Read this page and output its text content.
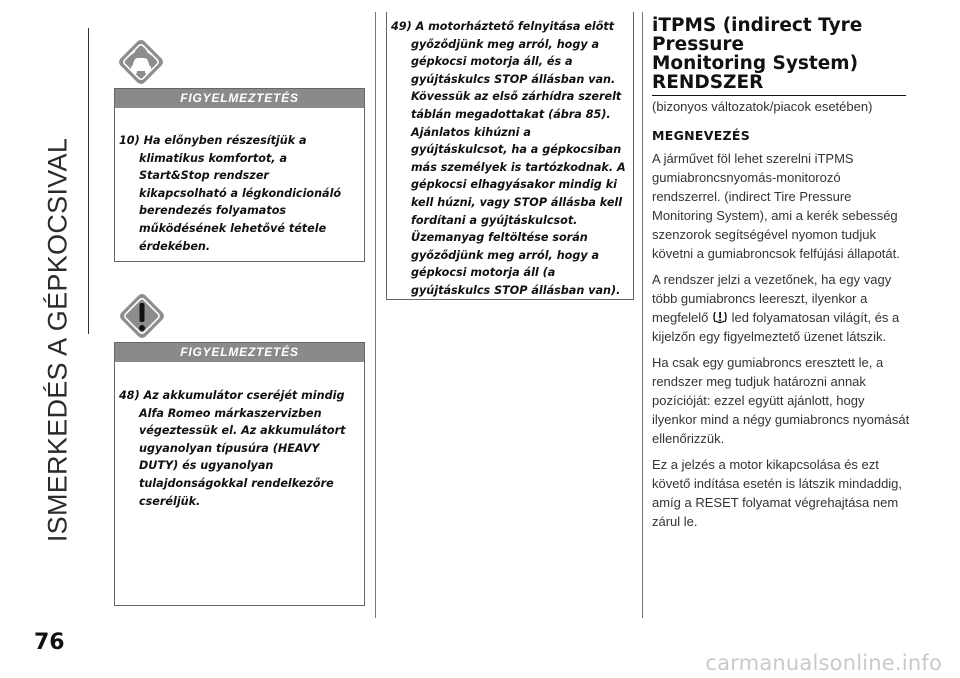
ISMERKEDÉS A GÉPKOCSIVAL
FIGYELMEZTETÉS

10) Ha előnyben részesítjük a klimatikus komfortot, a Start&Stop rendszer kikapcsolható a légkondicionáló berendezés folyamatos működésének lehetővé tétele érdekében.

FIGYELMEZTETÉS

48) Az akkumulátor cseréjét mindig Alfa Romeo márkaszervizben végeztessük el. Az akkumulátort ugyanolyan típusúra (HEAVY DUTY) és ugyanolyan tulajdonságokkal rendelkezőre cseréljük.

49) A motorháztető felnyitása előtt győződjünk meg arról, hogy a gépkocsi motorja áll, és a gyújtáskulcs STOP állásban van. Kövessük az első zárhídra szerelt táblán megadottakat (ábra 85). Ajánlatos kihúzni a gyújtáskulcsot, ha a gépkocsiban más személyek is tartózkodnak. A gépkocsi elhagyásakor mindig ki kell húzni, vagy STOP állásba kell fordítani a gyújtáskulcsot. Üzemanyag feltöltése során győződjünk meg arról, hogy a gépkocsi motorja áll (a gyújtáskulcs STOP állásban van).

iTPMS (indirect Tyre

Pressure

Monitoring System)

RENDSZER

(bizonyos változatok/piacok esetében)
MEGNEVEZÉS

A járművet föl lehet szerelni iTPMS gumiabroncsnyomás-monitorozó rendszerrel. (indirect Tire Pressure Monitoring System), ami a kerék sebesség szenzorok segítségével nyomon tudjuk követni a gumiabroncsok felfújási állapotát.

A rendszer jelzi a vezetőnek, ha egy vagy több gumiabroncs leereszt, ilyenkor a megfelelő led folyamatosan világít, és a kijelzőn egy figyelmeztető üzenet látszik.

Ha csak egy gumiabroncs eresztett le, a rendszer meg tudjuk határozni annak pozícióját: ezzel együtt ajánlott, hogy ilyenkor mind a négy gumiabroncs nyomását ellenőrizzük.

Ez a jelzés a motor kikapcsolása és ezt követő indítása esetén is látszik mindaddig, amíg a RESET folyamat végrehajtása nem zárul le.

76
carmanualsonline.info
